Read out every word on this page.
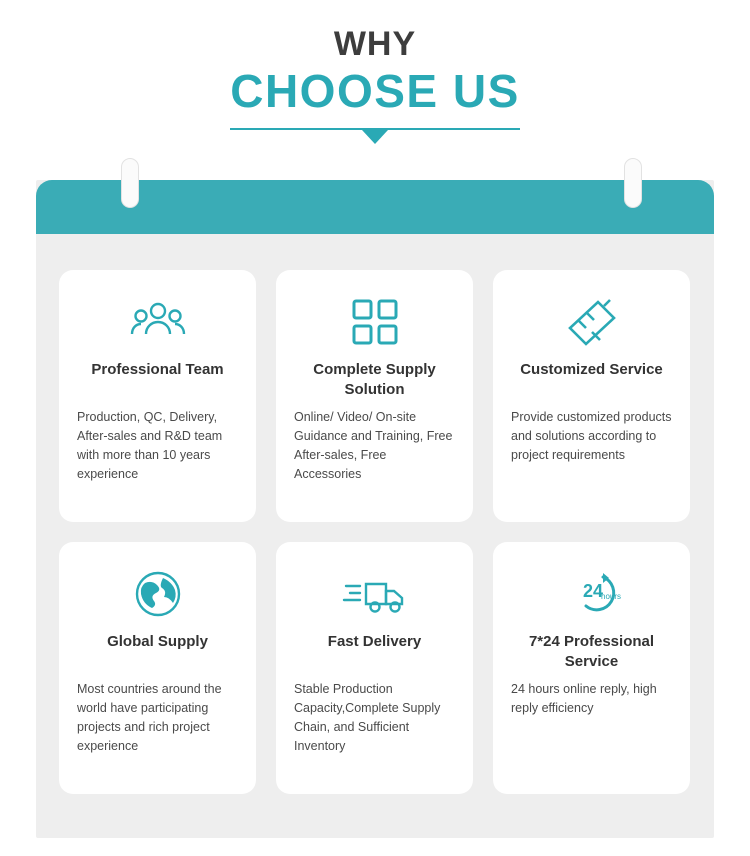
WHY
CHOOSE US
Professional Team
Production, QC, Delivery, After-sales and R&D team with more than 10 years experience
Complete Supply Solution
Online/ Video/ On-site Guidance and Training, Free After-sales, Free Accessories
Customized Service
Provide customized products and solutions according to project requirements
Global Supply
Most countries around the world have participating projects and rich project experience
Fast Delivery
Stable Production Capacity,Complete Supply Chain, and Sufficient Inventory
24
hours
7*24 Professional Service
24 hours online reply, high reply efficiency
